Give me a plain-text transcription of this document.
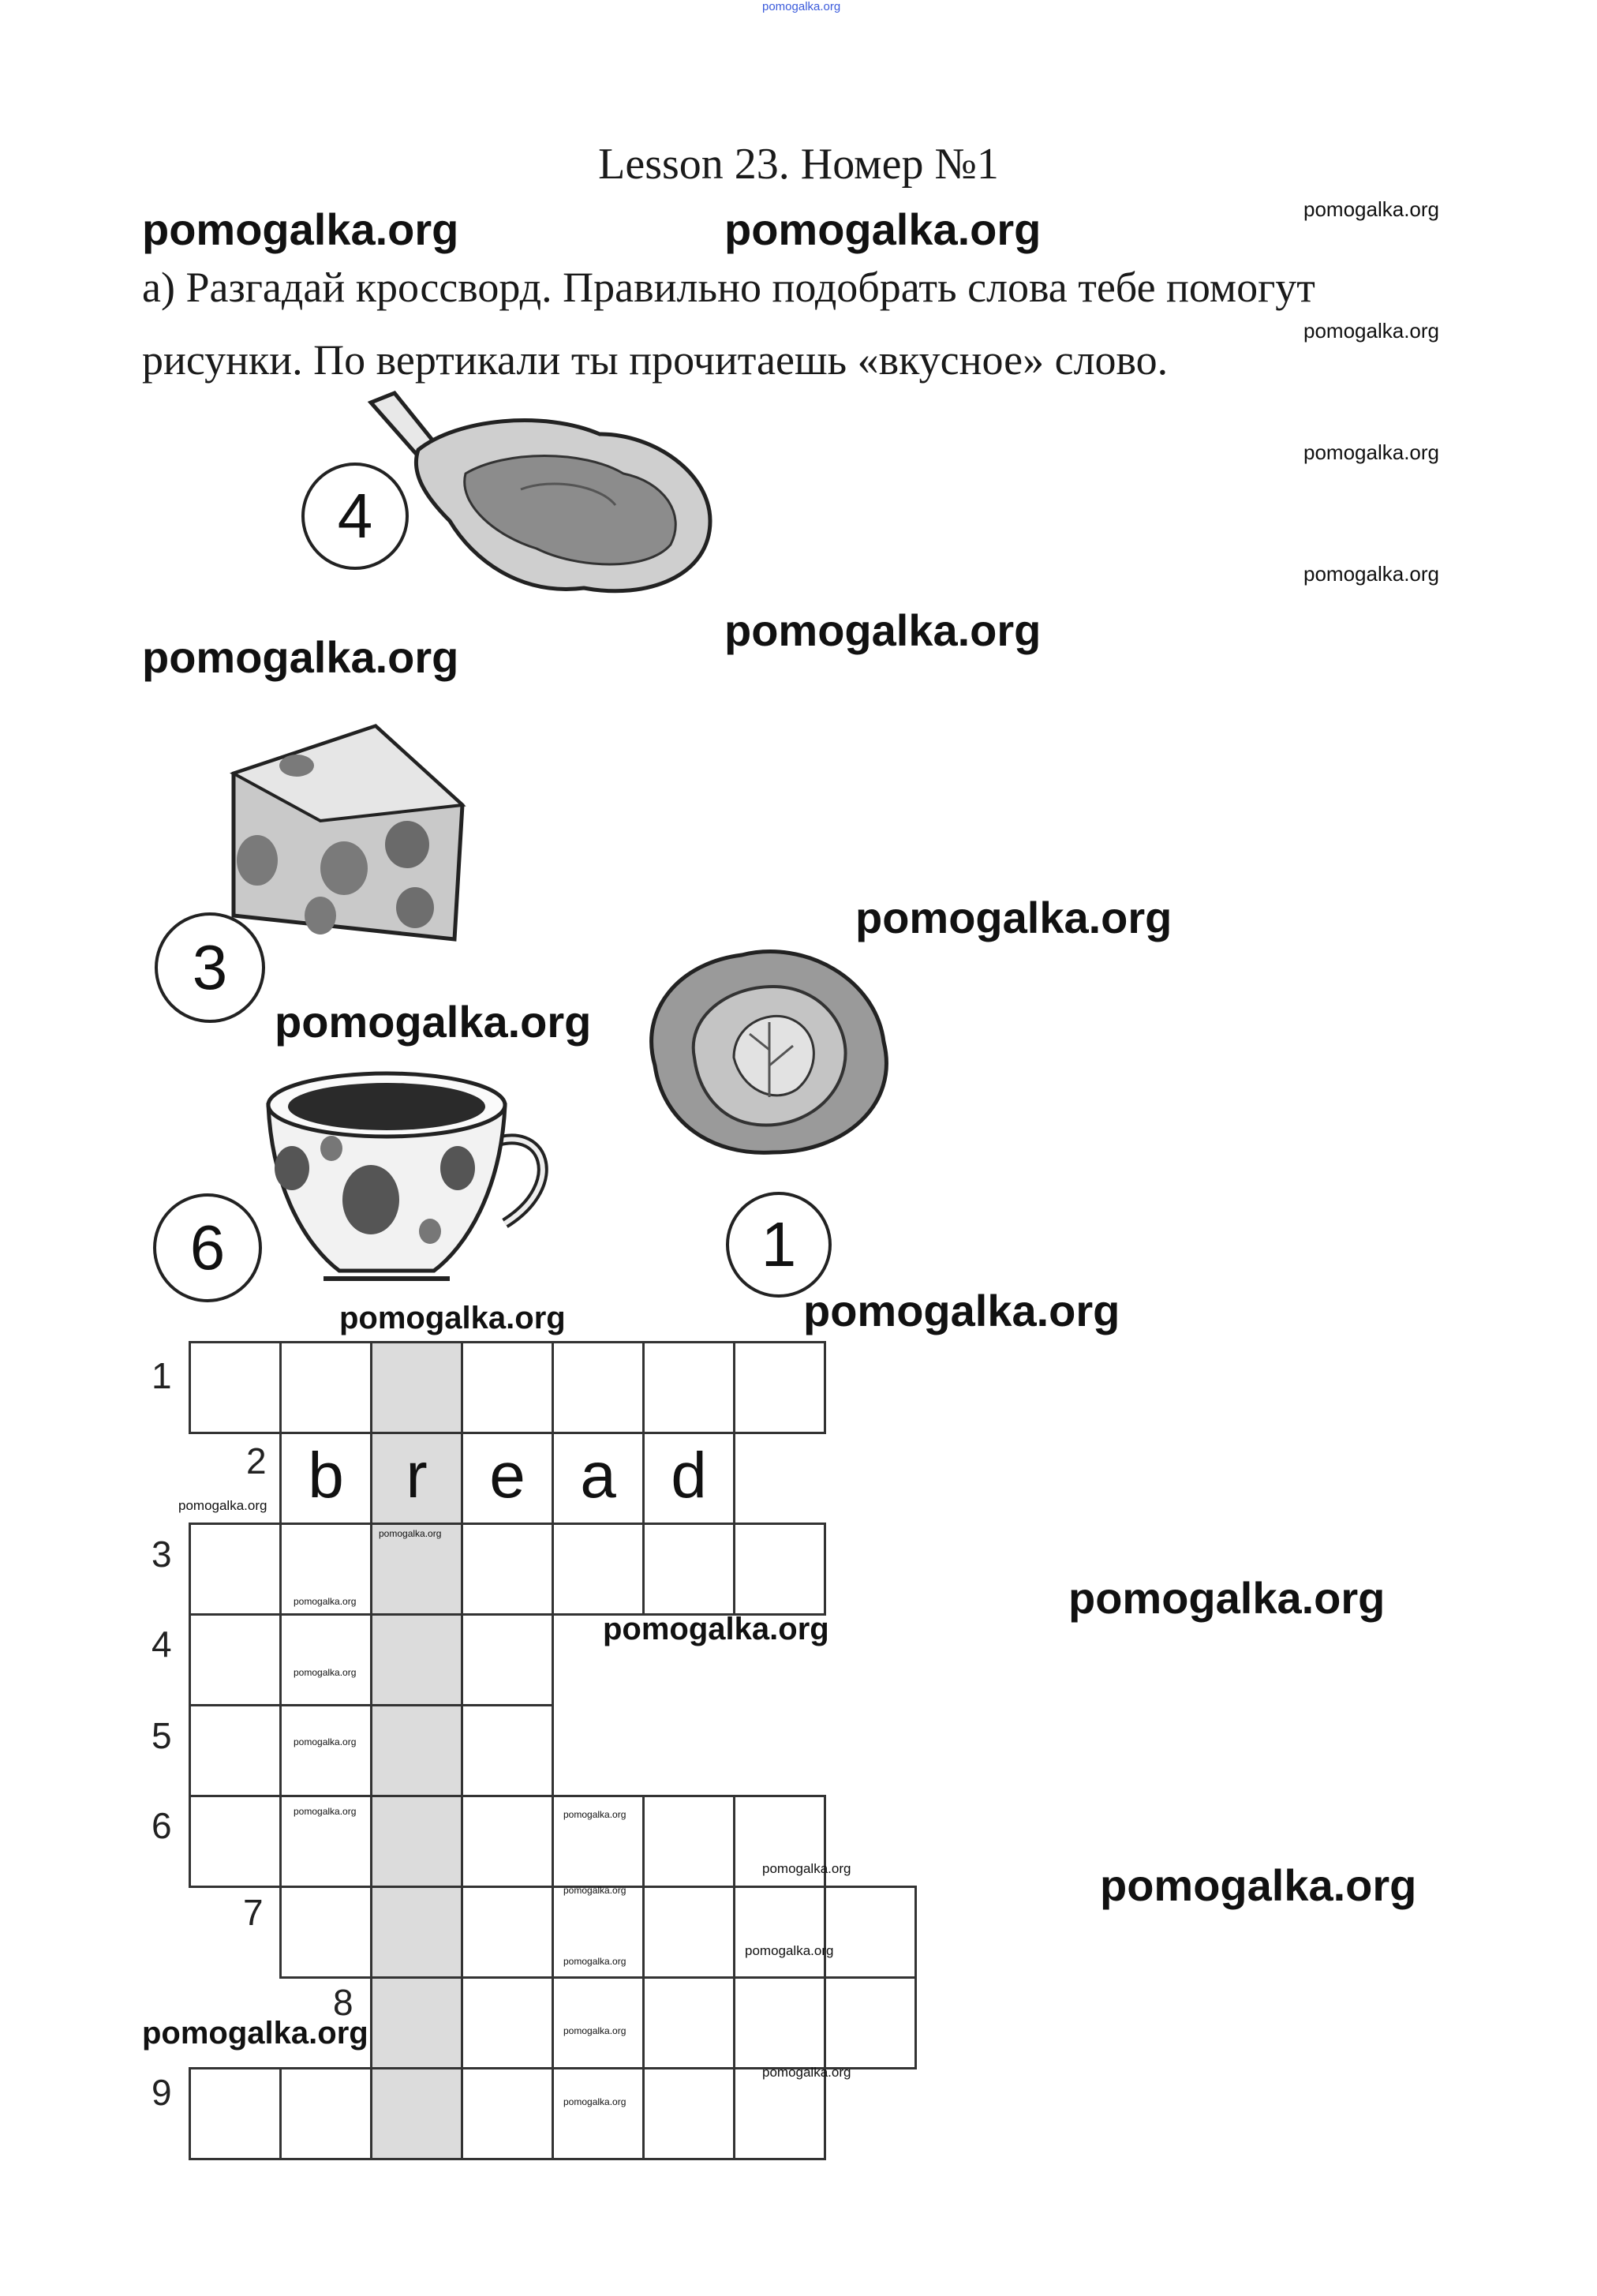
pomogalka.org
Lesson 23. Номер №1
а) Разгадай кроссворд. Правильно подобрать слова тебе помогут
рисунки. По вертикали ты прочитаешь «вкусное» слово.
pomogalka.org	pomogalka.org
pomogalka.org
pomogalka.org
pomogalka.org
pomogalka.org
pomogalka.org
pomogalka.org
pomogalka.org
pomogalka.org
pomogalka.org
pomogalka.org
pomogalka.org
pomogalka.org
pomogalka.org
pomogalka.org
4
3
1
6
1
2 b r e a d
3
4
5
6
7
8
9
pomogalka.org
pomogalka.org
pomogalka.org
pomogalka.org
pomogalka.org
pomogalka.org	pomogalka.org
pomogalka.org
pomogalka.org
pomogalka.org
pomogalka.org
pomogalka.org
pomogalka.org
pomogalka.org
